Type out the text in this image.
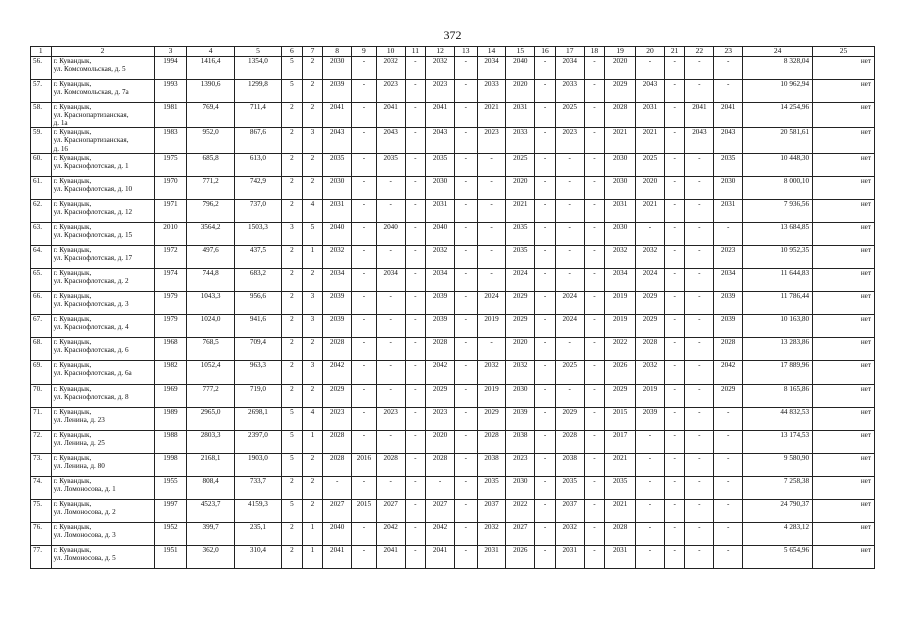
372
1	2	3	4	5	6	7	8	9	10	11	12	13	14	15	16	17	18	19	20	21	22	23	24	25
56.	г. Кувандык,
ул. Комсомольская, д. 5	1994	1416,4	1354,0	5	2	2030	-	2032	-	2032	-	2034	2040	-	2034	-	2020	-	-	-	-	8 328,04	нет
57.	г. Кувандык,
ул. Комсомольская, д. 7а	1993	1390,6	1299,8	5	2	2039	-	2023	-	2023	-	2033	2020	-	2033	-	2029	2043	-	-	-	10 962,94	нет
58.	г. Кувандык,
ул. Краснопартизанская,
д. 1а	1981	769,4	711,4	2	2	2041	-	2041	-	2041	-	2021	2031	-	2025	-	2028	2031	-	2041	2041	14 254,96	нет
59.	г. Кувандык,
ул. Краснопартизанская,
д. 16	1983	952,0	867,6	2	3	2043	-	2043	-	2043	-	2023	2033	-	2023	-	2021	2021	-	2043	2043	20 581,61	нет
60.	г. Кувандык,
ул. Краснофлотская, д. 1	1975	685,8	613,0	2	2	2035	-	2035	-	2035	-	-	2025	-	-	-	2030	2025	-	-	2035	10 448,30	нет
61.	г. Кувандык,
ул. Краснофлотская, д. 10	1970	771,2	742,9	2	2	2030	-	-	-	2030	-	-	2020	-	-	-	2030	2020	-	-	2030	8 000,10	нет
62.	г. Кувандык,
ул. Краснофлотская, д. 12	1971	796,2	737,0	2	4	2031	-	-	-	2031	-	-	2021	-	-	-	2031	2021	-	-	2031	7 936,56	нет
63.	г. Кувандык,
ул. Краснофлотская, д. 15	2010	3564,2	1503,3	3	5	2040	-	2040	-	2040	-	-	2035	-	-	-	2030	-	-	-	-	13 684,85	нет
64.	г. Кувандык,
ул. Краснофлотская, д. 17	1972	497,6	437,5	2	1	2032	-	-	-	2032	-	-	2035	-	-	-	2032	2032	-	-	2023	10 952,35	нет
65.	г. Кувандык,
ул. Краснофлотская, д. 2	1974	744,8	683,2	2	2	2034	-	2034	-	2034	-	-	2024	-	-	-	2034	2024	-	-	2034	11 644,83	нет
66.	г. Кувандык,
ул. Краснофлотская, д. 3	1979	1043,3	956,6	2	3	2039	-	-	-	2039	-	2024	2029	-	2024	-	2019	2029	-	-	2039	11 786,44	нет
67.	г. Кувандык,
ул. Краснофлотская, д. 4	1979	1024,0	941,6	2	3	2039	-	-	-	2039	-	2019	2029	-	2024	-	2019	2029	-	-	2039	10 163,80	нет
68.	г. Кувандык,
ул. Краснофлотская, д. 6	1968	768,5	709,4	2	2	2028	-	-	-	2028	-	-	2020	-	-	-	2022	2028	-	-	2028	13 283,86	нет
69.	г. Кувандык,
ул. Краснофлотская, д. 6а	1982	1052,4	963,3	2	3	2042	-	-	-	2042	-	2032	2032	-	2025	-	2026	2032	-	-	2042	17 889,96	нет
70.	г. Кувандык,
ул. Краснофлотская, д. 8	1969	777,2	719,0	2	2	2029	-	-	-	2029	-	2019	2030	-	-	-	2029	2019	-	-	2029	8 165,86	нет
71.	г. Кувандык,
ул. Ленина, д. 23	1989	2965,0	2698,1	5	4	2023	-	2023	-	2023	-	2029	2039	-	2029	-	2015	2039	-	-	-	44 832,53	нет
72.	г. Кувандык,
ул. Ленина, д. 25	1988	2803,3	2397,0	5	1	2028	-	-	-	2020	-	2028	2038	-	2028	-	2017	-	-	-	-	13 174,53	нет
73.	г. Кувандык,
ул. Ленина, д. 80	1998	2168,1	1903,0	5	2	2028	2016	2028	-	2028	-	2038	2023	-	2038	-	2021	-	-	-	-	9 580,90	нет
74.	г. Кувандык,
ул. Ломоносова, д. 1	1955	808,4	733,7	2	2	-	-	-	-	-	-	2035	2030	-	2035	-	2035	-	-	-	-	7 258,38	нет
75.	г. Кувандык,
ул. Ломоносова, д. 2	1997	4523,7	4159,3	5	2	2027	2015	2027	-	2027	-	2037	2022	-	2037	-	2021	-	-	-	-	24 790,37	нет
76.	г. Кувандык,
ул. Ломоносова, д. 3	1952	399,7	235,1	2	1	2040	-	2042	-	2042	-	2032	2027	-	2032	-	2028	-	-	-	-	4 283,12	нет
77.	г. Кувандык,
ул. Ломоносова, д. 5	1951	362,0	310,4	2	1	2041	-	2041	-	2041	-	2031	2026	-	2031	-	2031	-	-	-	-	5 654,96	нет
